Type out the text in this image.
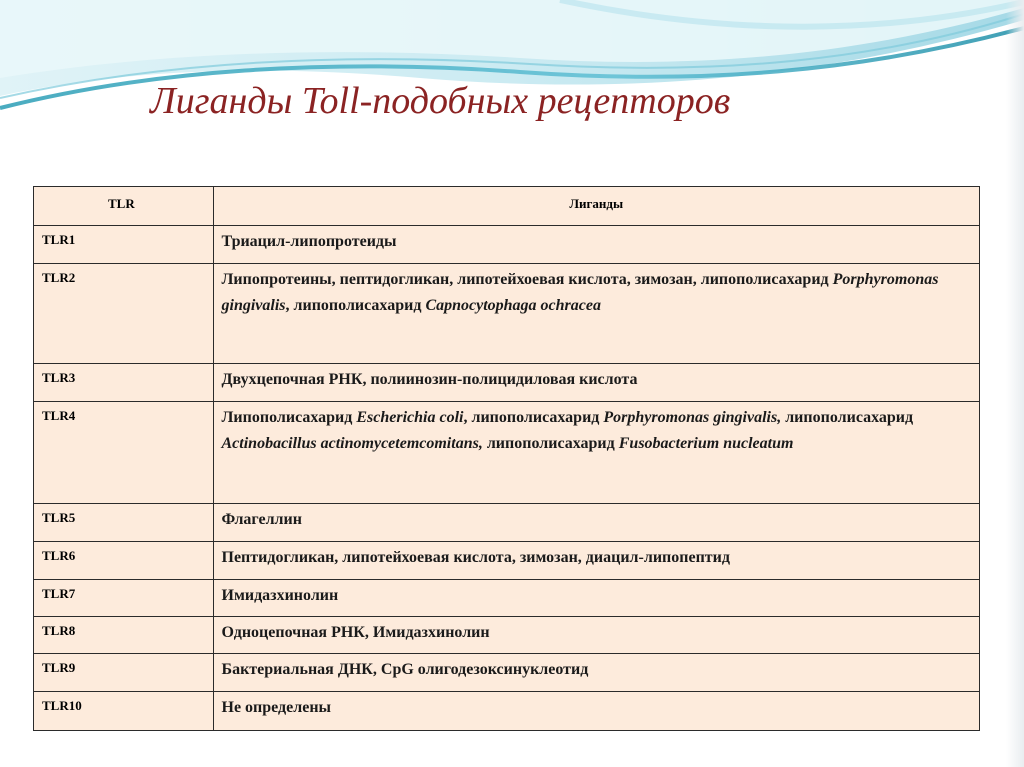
Лиганды Toll-подобных рецепторов
TLR	Лиганды
TLR1	Триацил-липопротеиды
TLR2	Липопротеины, пептидогликан, липотейхоевая кислота, зимозан, липополисахарид Porphyromonas gingivalis, липополисахарид Capnocytophaga ochracea
TLR3	Двухцепочная РНК, полиинозин-полицидиловая кислота
TLR4	Липополисахарид Escherichia coli, липополисахарид Porphyromonas gingivalis, липополисахарид Actinobacillus actinomycetemcomitans, липополисахарид Fusobacterium nucleatum
TLR5	Флагеллин
TLR6	Пептидогликан, липотейхоевая кислота, зимозан, диацил-липопептид
TLR7	Имидазхинолин
TLR8	Одноцепочная РНК, Имидазхинолин
TLR9	Бактериальная ДНК, CpG олигодезоксинуклеотид
TLR10	Не определены
